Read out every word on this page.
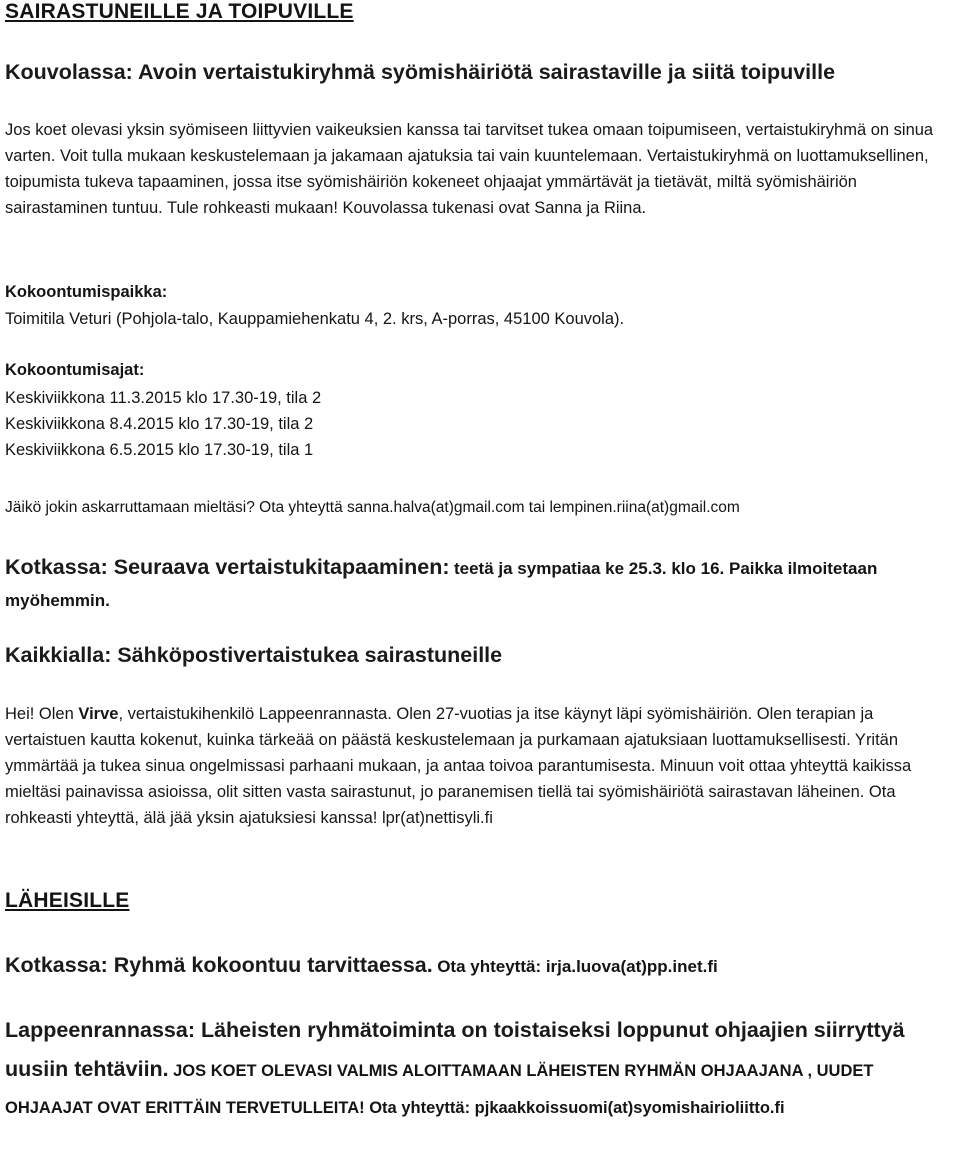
SAIRASTUNEILLE JA TOIPUVILLE
Kouvolassa: Avoin vertaistukiryhmä syömishäiriötä sairastaville ja siitä toipuville
Jos koet olevasi yksin syömiseen liittyvien vaikeuksien kanssa tai tarvitset tukea omaan toipumiseen, vertaistukiryhmä on sinua varten. Voit tulla mukaan keskustelemaan ja jakamaan ajatuksia tai vain kuuntelemaan. Vertaistukiryhmä on luottamuksellinen, toipumista tukeva tapaaminen, jossa itse syömishäiriön kokeneet ohjaajat ymmärtävät ja tietävät, miltä syömishäiriön sairastaminen tuntuu. Tule rohkeasti mukaan! Kouvolassa tukenasi ovat Sanna ja Riina.
Kokoontumispaikka:
Toimitila Veturi (Pohjola-talo, Kauppamiehenkatu 4, 2. krs, A-porras, 45100 Kouvola).
Kokoontumisajat:
Keskiviikkona 11.3.2015 klo 17.30-19, tila 2
Keskiviikkona 8.4.2015 klo 17.30-19, tila 2
Keskiviikkona 6.5.2015 klo 17.30-19, tila 1
Jäikö jokin askarruttamaan mieltäsi? Ota yhteyttä sanna.halva(at)gmail.com tai lempinen.riina(at)gmail.com
Kotkassa: Seuraava vertaistukitapaaminen: teetä ja sympatiaa ke 25.3. klo 16. Paikka ilmoitetaan myöhemmin.
Kaikkialla: Sähköpostivertaistukea sairastuneille
Hei! Olen Virve, vertaistukihenkilö Lappeenrannasta. Olen 27-vuotias ja itse käynyt läpi syömishäiriön. Olen terapian ja vertaistuen kautta kokenut, kuinka tärkeää on päästä keskustelemaan ja purkamaan ajatuksiaan luottamuksellisesti. Yritän ymmärtää ja tukea sinua ongelmissasi parhaani mukaan, ja antaa toivoa parantumisesta. Minuun voit ottaa yhteyttä kaikissa mieltäsi painavissa asioissa, olit sitten vasta sairastunut, jo paranemisen tiellä tai syömishäiriötä sairastavan läheinen. Ota rohkeasti yhteyttä, älä jää yksin ajatuksiesi kanssa! lpr(at)nettisyli.fi
LÄHEISILLE
Kotkassa: Ryhmä kokoontuu tarvittaessa. Ota yhteyttä: irja.luova(at)pp.inet.fi
Lappeenrannassa: Läheisten ryhmätoiminta on toistaiseksi loppunut ohjaajien siirryttyä uusiin tehtäviin. JOS KOET OLEVASI VALMIS ALOITTAMAAN LÄHEISTEN RYHMÄN OHJAAJANA , UUDET OHJAAJAT OVAT ERITTÄIN TERVETULLEITA! Ota yhteyttä: pjkaakkoissuomi(at)syomishairioliitto.fi
